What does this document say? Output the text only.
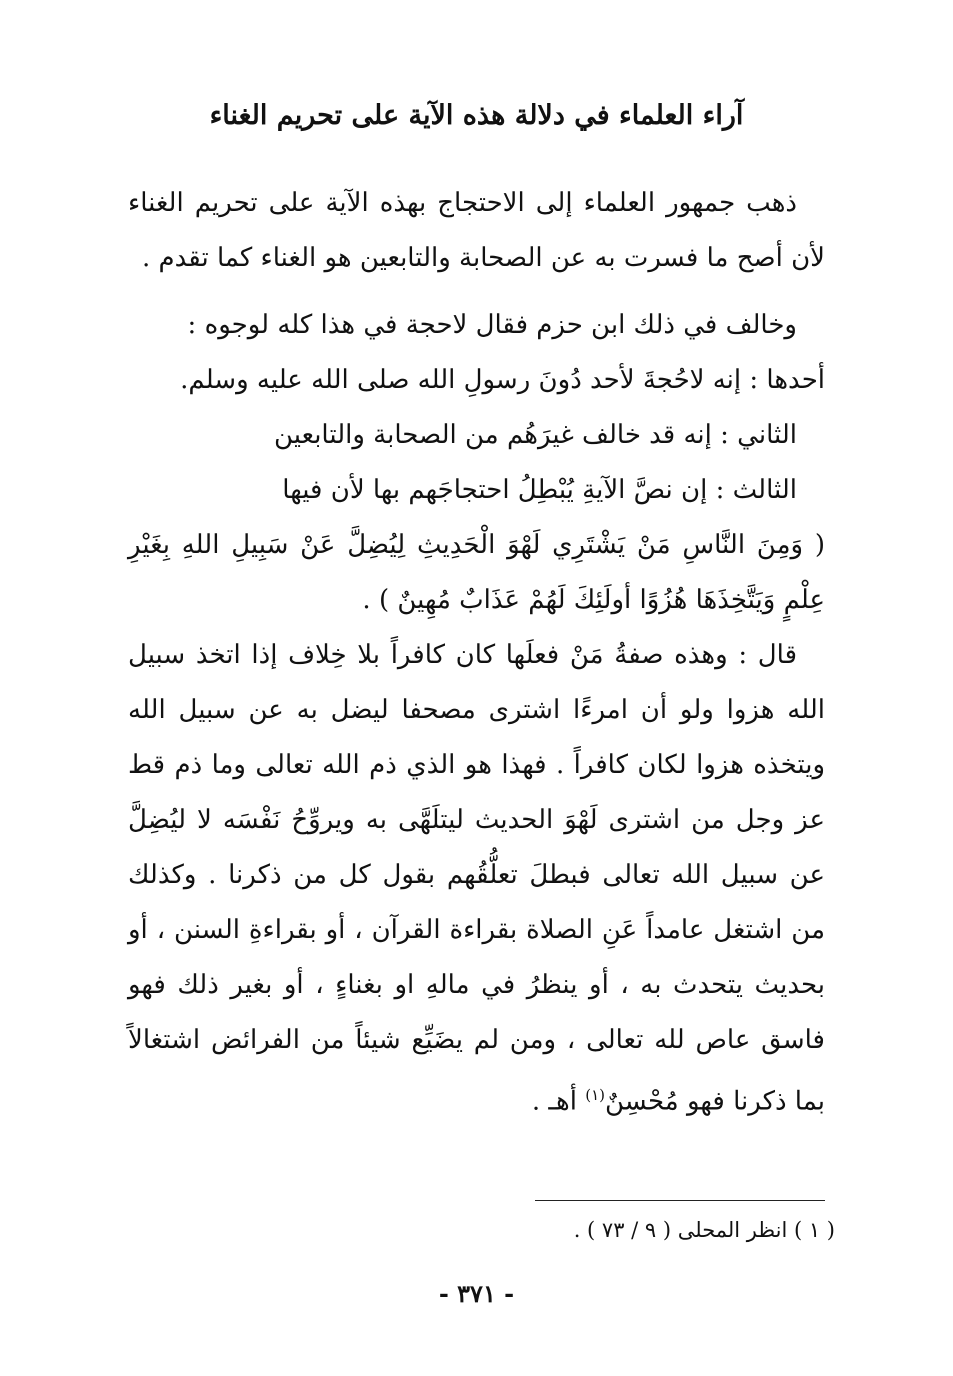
آراء العلماء في دلالة هذه الآية على تحريم الغناء

ذهب جمهور العلماء إلى الاحتجاج بهذه الآية على تحريم الغناء لأن أصح ما فسرت به عن الصحابة والتابعين هو الغناء كما تقدم .

وخالف في ذلك ابن حزم فقال لاحجة في هذا كله لوجوه :

أحدها : إنه لاحُجةَ لأحد دُونَ رسولِ الله صلى الله عليه وسلم.

الثاني : إنه قد خالف غيرَهُم من الصحابة والتابعين

الثالث : إن نصَّ الآيةِ يُبْطِلُ احتجاجَهم بها لأن فيها

( وَمِنَ النَّاسِ مَنْ يَشْتَرِي لَهْوَ الْحَدِيثِ لِيُضِلَّ عَنْ سَبِيلِ اللهِ بِغَيْرِ عِلْمٍ وَيَتَّخِذَهَا هُزُوًا أولَئِكَ لَهُمْ عَذَابٌ مُهِينٌ ) .

قال : وهذه صفةُ مَنْ فعلَها كان كافراً بلا خِلاف إذا اتخذ سبيل الله هزوا ولو أن امرءًا اشترى مصحفا ليضل به عن سبيل الله ويتخذه هزوا لكان كافراً . فهذا هو الذي ذم الله تعالى وما ذم قط عز وجل من اشترى لَهْوَ الحديث ليتلَهَّى به ويروِّحُ نَفْسَه لا ليُضِلَّ عن سبيل الله تعالى فبطلَ تعلُّقُهم بقول كل من ذكرنا . وكذلك من اشتغل عامداً عَنِ الصلاة بقراءة القرآن ، أو بقراءةِ السنن ، أو بحديث يتحدث به ، أو ينظرُ في مالهِ او بغناءٍ ، أو بغير ذلك فهو فاسق عاص لله تعالى ، ومن لم يضَيِّع شيئاً من الفرائض اشتغالاً بما ذكرنا فهو مُحْسِنٌ$^{(١)}$ أهـ .

( ١ ) انظر المحلى ( ٩ / ٧٣ ) .
- ٣٧١ -
